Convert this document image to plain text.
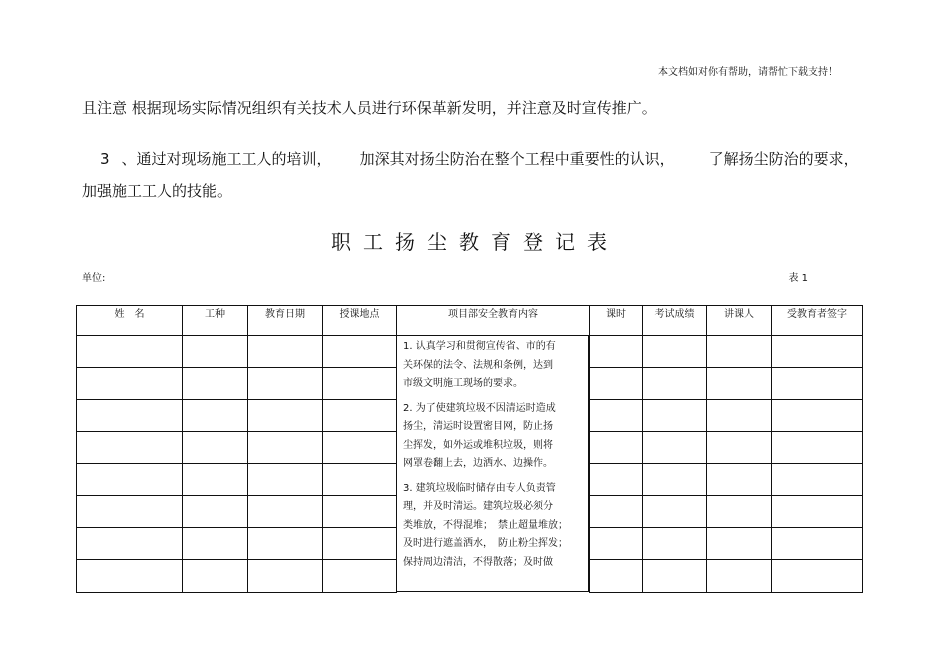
本文档如对你有帮助，请帮忙下载支持！
且注意 根据现场实际情况组织有关技术人员进行环保革新发明，并注意及时宣传推广。
3 、通过对现场施工工人的培训， 加深其对扬尘防治在整个工程中重要性的认识， 了解扬尘防治的要求，
加强施工工人的技能。
职工扬尘教育登记表
单位:	表 1
姓　名	工种	教育日期	授课地点	项目部安全教育内容	课时	考试成绩	讲课人	受教育者签字

1. 认真学习和贯彻宣传省、市的有

关环保的法令、法规和条例，达到

市级文明施工现场的要求。

2. 为了使建筑垃圾不因清运时造成

扬尘，清运时设置密目网，防止扬

尘挥发，如外运或堆积垃圾，则将

网罩卷翻上去，边洒水、边操作。

3. 建筑垃圾临时储存由专人负责管

理，并及时清运。建筑垃圾必须分

类堆放，不得混堆；　禁止超量堆放；

及时进行遮盖洒水，　防止粉尘挥发；

保持周边清洁，不得散落；及时做
